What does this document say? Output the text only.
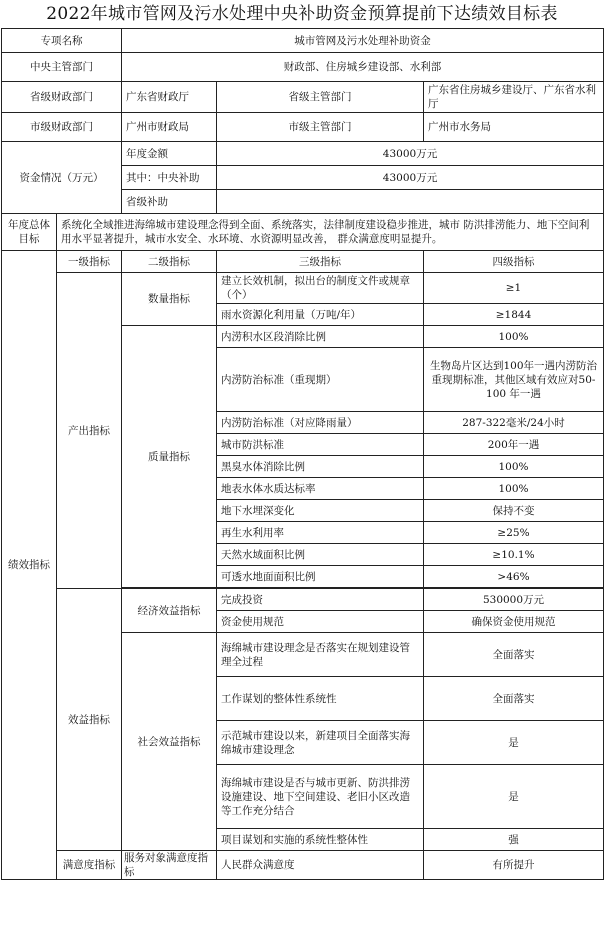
2022年城市管网及污水处理中央补助资金预算提前下达绩效目标表
专项名称		城市管网及污水处理补助资金		
中央主管部门		财政部、住房城乡建设部、水利部		
省级财政部门		广东省财政厅	省级主管部门	广东省住房城乡建设厅、广东省水利厅
市级财政部门		广州市财政局	市级主管部门	广州市水务局
资金情况（万元）		年度金额	43000万元	
		其中：中央补助	43000万元	
		省级补助		
年度总体目标	系统化全域推进海绵城市建设理念得到全面、系统落实，法律制度建设稳步推进，城市 防洪排涝能力、地下空间利用水平显著提升，城市水安全、水环境、水资源明显改善， 群众满意度明显提升。			
绩效指标	一级指标	二级指标	三级指标	四级指标
	产出指标	数量指标	建立长效机制，拟出台的制度文件或规章（个）	≥1
			雨水资源化利用量（万吨/年）	≥1844
		质量指标	内涝积水区段消除比例	100%
			内涝防治标准（重现期）	生物岛片区达到100年一遇内涝防治重现期标准，其他区域有效应对50-100 年一遇
			内涝防治标准（对应降雨量）	287-322毫米/24小时
			城市防洪标准	200年一遇
			黑臭水体消除比例	100%
			地表水体水质达标率	100%
			地下水埋深变化	保持不变
			再生水利用率	≥25%
			天然水域面积比例	≥10.1%
			可透水地面面积比例	>46%

	效益指标	经济效益指标	完成投资	530000万元
			资金使用规范	确保资金使用规范
		社会效益指标	海绵城市建设理念是否落实在规划建设管理全过程	全面落实
			工作谋划的整体性系统性	全面落实
			示范城市建设以来，新建项目全面落实海绵城市建设理念	是
			海绵城市建设是否与城市更新、防洪排涝设施建设、地下空间建设、老旧小区改造等工作充分结合	是
			项目谋划和实施的系统性整体性	强
	满意度指标	服务对象满意度指标	人民群众满意度	有所提升
